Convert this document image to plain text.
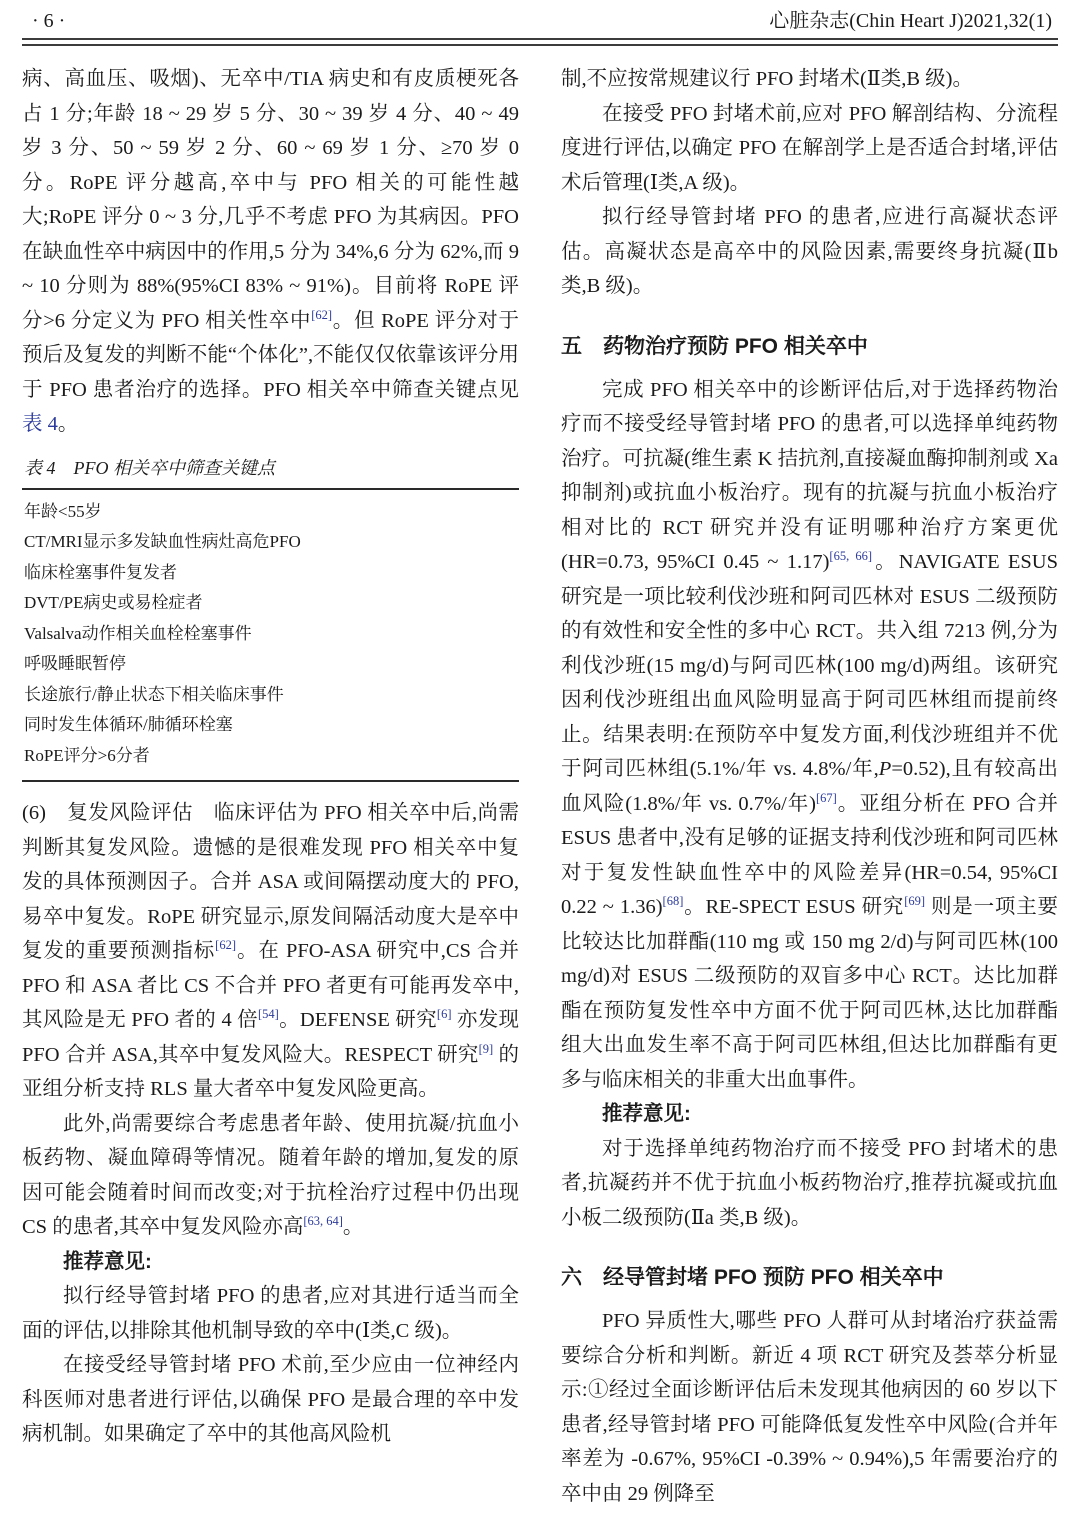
· 6 ·	心脏杂志(Chin Heart J)2021,32(1)
病、高血压、吸烟)、无卒中/TIA 病史和有皮质梗死各占 1 分;年龄 18 ~ 29 岁 5 分、30 ~ 39 岁 4 分、40 ~ 49 岁 3 分、50 ~ 59 岁 2 分、60 ~ 69 岁 1 分、≥70 岁 0 分。RoPE 评分越高,卒中与 PFO 相关的可能性越大;RoPE 评分 0 ~ 3 分,几乎不考虑 PFO 为其病因。PFO 在缺血性卒中病因中的作用,5 分为 34%,6 分为 62%,而 9 ~ 10 分则为 88%(95%CI 83% ~ 91%)。目前将 RoPE 评分>6 分定义为 PFO 相关性卒中[62]。但 RoPE 评分对于预后及复发的判断不能“个体化”,不能仅仅依靠该评分用于 PFO 患者治疗的选择。PFO 相关卒中筛查关键点见表 4。
表 4　PFO 相关卒中筛查关键点
年龄<55岁
CT/MRI显示多发缺血性病灶高危PFO
临床栓塞事件复发者
DVT/PE病史或易栓症者
Valsalva动作相关血栓栓塞事件
呼吸睡眠暂停
长途旅行/静止状态下相关临床事件
同时发生体循环/肺循环栓塞
RoPE评分>6分者
(6)　复发风险评估　临床评估为 PFO 相关卒中后,尚需判断其复发风险。遗憾的是很难发现 PFO 相关卒中复发的具体预测因子。合并 ASA 或间隔摆动度大的 PFO,易卒中复发。RoPE 研究显示,原发间隔活动度大是卒中复发的重要预测指标[62]。在 PFO-ASA 研究中,CS 合并 PFO 和 ASA 者比 CS 不合并 PFO 者更有可能再发卒中,其风险是无 PFO 者的 4 倍[54]。DEFENSE 研究[6] 亦发现 PFO 合并 ASA,其卒中复发风险大。RESPECT 研究[9] 的亚组分析支持 RLS 量大者卒中复发风险更高。
此外,尚需要综合考虑患者年龄、使用抗凝/抗血小板药物、凝血障碍等情况。随着年龄的增加,复发的原因可能会随着时间而改变;对于抗栓治疗过程中仍出现 CS 的患者,其卒中复发风险亦高[63, 64]。
推荐意见:
拟行经导管封堵 PFO 的患者,应对其进行适当而全面的评估,以排除其他机制导致的卒中(Ⅰ类,C 级)。
在接受经导管封堵 PFO 术前,至少应由一位神经内科医师对患者进行评估,以确保 PFO 是最合理的卒中发病机制。如果确定了卒中的其他高风险机
制,不应按常规建议行 PFO 封堵术(Ⅱ类,B 级)。
在接受 PFO 封堵术前,应对 PFO 解剖结构、分流程度进行评估,以确定 PFO 在解剖学上是否适合封堵,评估术后管理(Ⅰ类,A 级)。
拟行经导管封堵 PFO 的患者,应进行高凝状态评估。高凝状态是高卒中的风险因素,需要终身抗凝(Ⅱb 类,B 级)。
五　药物治疗预防 PFO 相关卒中
完成 PFO 相关卒中的诊断评估后,对于选择药物治疗而不接受经导管封堵 PFO 的患者,可以选择单纯药物治疗。可抗凝(维生素 K 拮抗剂,直接凝血酶抑制剂或 Xa 抑制剂)或抗血小板治疗。现有的抗凝与抗血小板治疗相对比的 RCT 研究并没有证明哪种治疗方案更优(HR=0.73, 95%CI 0.45 ~ 1.17)[65, 66]。NAVIGATE ESUS 研究是一项比较利伐沙班和阿司匹林对 ESUS 二级预防的有效性和安全性的多中心 RCT。共入组 7213 例,分为利伐沙班(15 mg/d)与阿司匹林(100 mg/d)两组。该研究因利伐沙班组出血风险明显高于阿司匹林组而提前终止。结果表明:在预防卒中复发方面,利伐沙班组并不优于阿司匹林组(5.1%/年 vs. 4.8%/年,P=0.52),且有较高出血风险(1.8%/年 vs. 0.7%/年)[67]。亚组分析在 PFO 合并 ESUS 患者中,没有足够的证据支持利伐沙班和阿司匹林对于复发性缺血性卒中的风险差异(HR=0.54, 95%CI 0.22 ~ 1.36)[68]。RE-SPECT ESUS 研究[69] 则是一项主要比较达比加群酯(110 mg 或 150 mg 2/d)与阿司匹林(100 mg/d)对 ESUS 二级预防的双盲多中心 RCT。达比加群酯在预防复发性卒中方面不优于阿司匹林,达比加群酯组大出血发生率不高于阿司匹林组,但达比加群酯有更多与临床相关的非重大出血事件。
推荐意见:
对于选择单纯药物治疗而不接受 PFO 封堵术的患者,抗凝药并不优于抗血小板药物治疗,推荐抗凝或抗血小板二级预防(Ⅱa 类,B 级)。
六　经导管封堵 PFO 预防 PFO 相关卒中
PFO 异质性大,哪些 PFO 人群可从封堵治疗获益需要综合分析和判断。新近 4 项 RCT 研究及荟萃分析显示:①经过全面诊断评估后未发现其他病因的 60 岁以下患者,经导管封堵 PFO 可能降低复发性卒中风险(合并年率差为 -0.67%, 95%CI -0.39% ~ 0.94%),5 年需要治疗的卒中由 29 例降至
